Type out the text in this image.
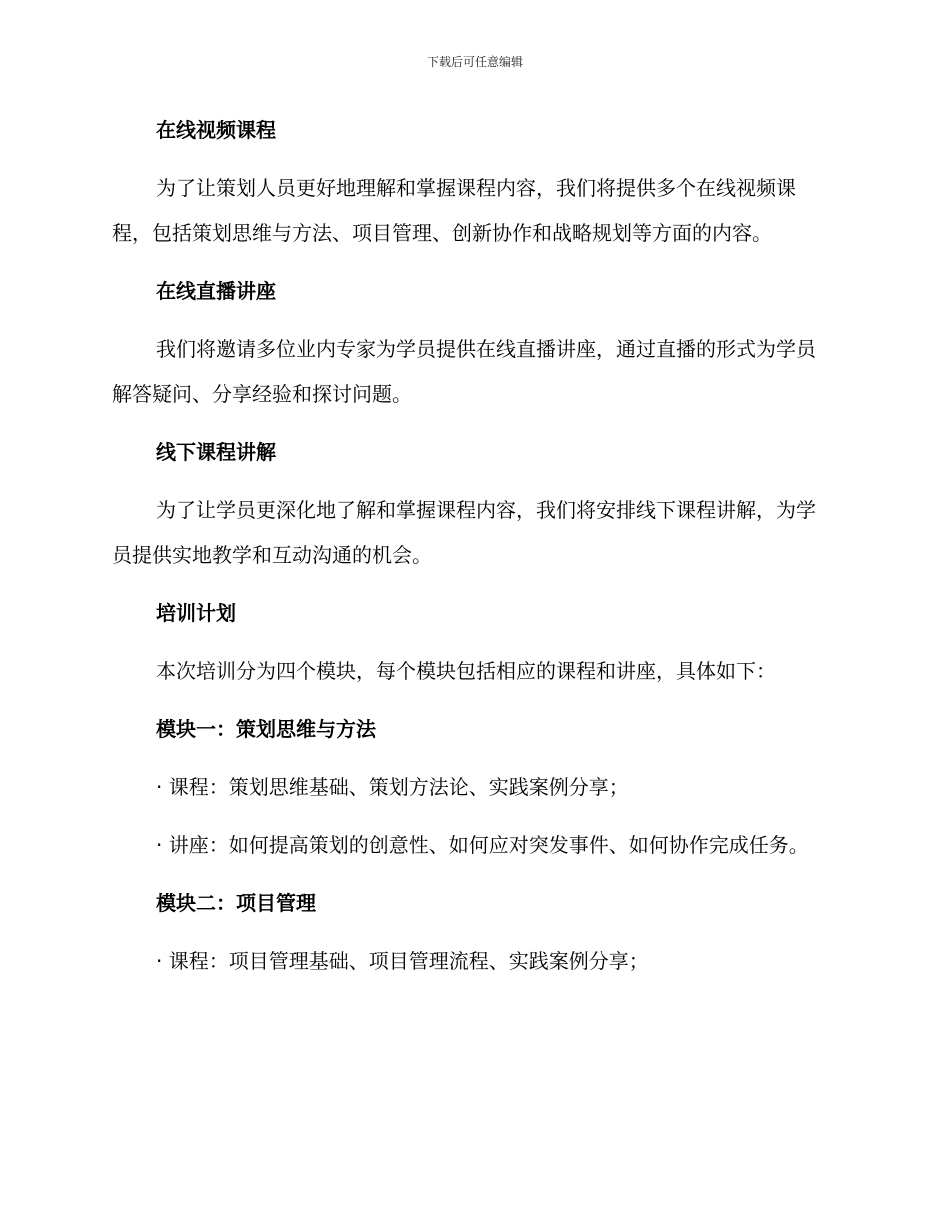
下载后可任意编辑
在线视频课程

为了让策划人员更好地理解和掌握课程内容，我们将提供多个在线视频课程，包括策划思维与方法、项目管理、创新协作和战略规划等方面的内容。

在线直播讲座

我们将邀请多位业内专家为学员提供在线直播讲座，通过直播的形式为学员解答疑问、分享经验和探讨问题。

线下课程讲解

为了让学员更深化地了解和掌握课程内容，我们将安排线下课程讲解，为学员提供实地教学和互动沟通的机会。

培训计划

本次培训分为四个模块，每个模块包括相应的课程和讲座，具体如下：

模块一：策划思维与方法

· 课程：策划思维基础、策划方法论、实践案例分享；

· 讲座：如何提高策划的创意性、如何应对突发事件、如何协作完成任务。

模块二：项目管理

· 课程：项目管理基础、项目管理流程、实践案例分享；
